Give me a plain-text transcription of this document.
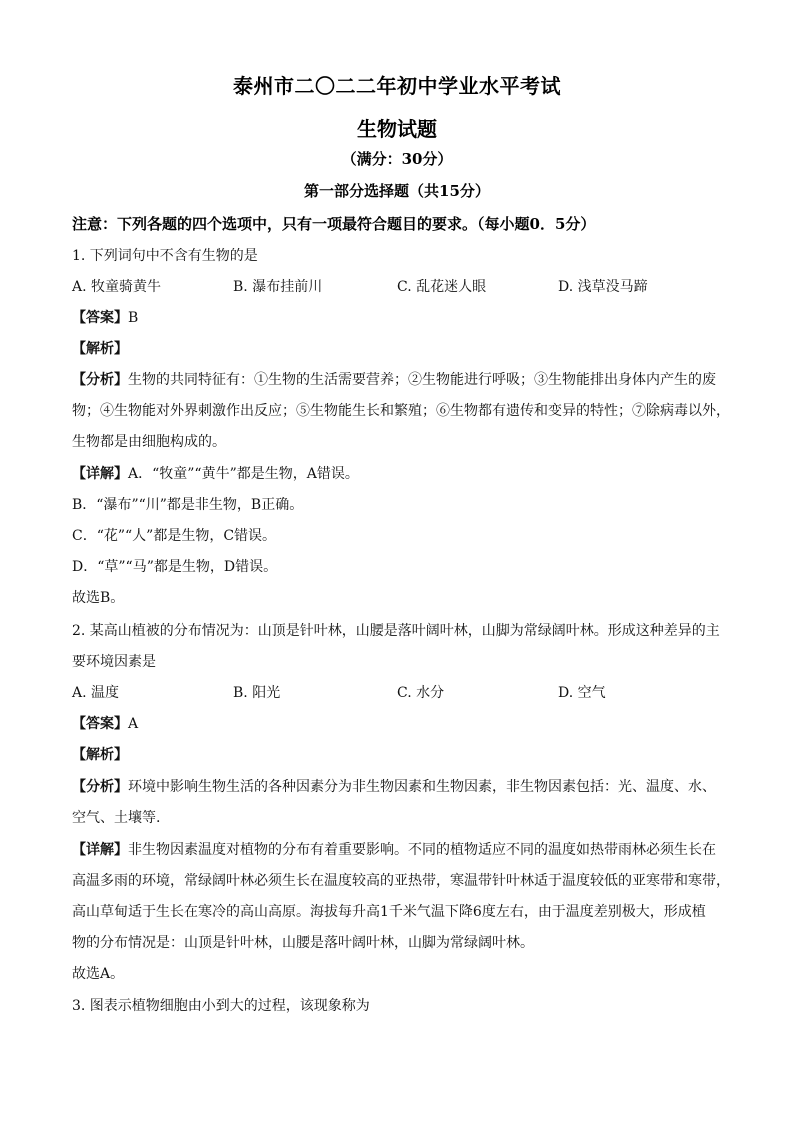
泰州市二〇二二年初中学业水平考试
生物试题
（满分：30分）
第一部分选择题（共15分）
注意：下列各题的四个选项中，只有一项最符合题目的要求。（每小题0．5分）
1. 下列词句中不含有生物的是
A. 牧童骑黄牛	B. 瀑布挂前川	C. 乱花迷人眼	D. 浅草没马蹄
【答案】B
【解析】
【分析】生物的共同特征有：①生物的生活需要营养；②生物能进行呼吸；③生物能排出身体内产生的废
物；④生物能对外界刺激作出反应；⑤生物能生长和繁殖；⑥生物都有遗传和变异的特性；⑦除病毒以外，
生物都是由细胞构成的。
【详解】A．“牧童”“黄牛”都是生物，A错误。
B．“瀑布”“川”都是非生物，B正确。
C．“花”“人”都是生物，C错误。
D．“草”“马”都是生物，D错误。
故选B。
2. 某高山植被的分布情况为：山顶是针叶林，山腰是落叶阔叶林，山脚为常绿阔叶林。形成这种差异的主
要环境因素是
A. 温度	B. 阳光	C. 水分	D. 空气
【答案】A
【解析】
【分析】环境中影响生物生活的各种因素分为非生物因素和生物因素，非生物因素包括：光、温度、水、
空气、土壤等.
【详解】非生物因素温度对植物的分布有着重要影响。不同的植物适应不同的温度如热带雨林必须生长在
高温多雨的环境，常绿阔叶林必须生长在温度较高的亚热带，寒温带针叶林适于温度较低的亚寒带和寒带，
高山草甸适于生长在寒冷的高山高原。海拔每升高1千米气温下降6度左右，由于温度差别极大，形成植
物的分布情况是：山顶是针叶林，山腰是落叶阔叶林，山脚为常绿阔叶林。
故选A。
3. 图表示植物细胞由小到大的过程，该现象称为
